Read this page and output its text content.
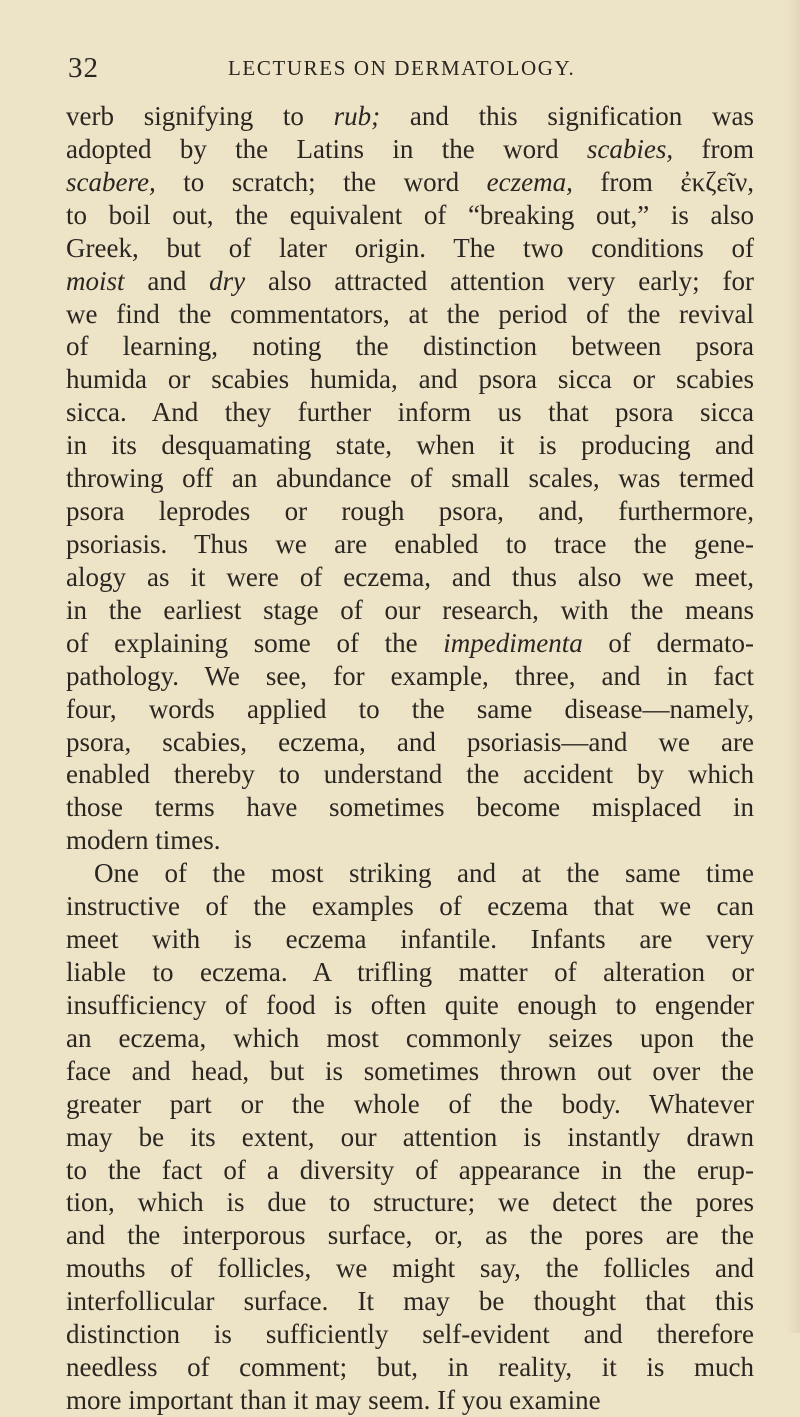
32	LECTURES ON DERMATOLOGY.
verb signifying to rub; and this signification was
adopted by the Latins in the word scabies, from
scabere, to scratch; the word eczema, from ἐκζεῖν,
to boil out, the equivalent of “breaking out,” is also
Greek, but of later origin. The two conditions of
moist and dry also attracted attention very early; for
we find the commentators, at the period of the revival
of learning, noting the distinction between psora
humida or scabies humida, and psora sicca or scabies
sicca. And they further inform us that psora sicca
in its desquamating state, when it is producing and
throwing off an abundance of small scales, was termed
psora leprodes or rough psora, and, furthermore,
psoriasis. Thus we are enabled to trace the gene-
alogy as it were of eczema, and thus also we meet,
in the earliest stage of our research, with the means
of explaining some of the impedimenta of dermato-
pathology. We see, for example, three, and in fact
four, words applied to the same disease—namely,
psora, scabies, eczema, and psoriasis—and we are
enabled thereby to understand the accident by which
those terms have sometimes become misplaced in
modern times.
One of the most striking and at the same time
instructive of the examples of eczema that we can
meet with is eczema infantile. Infants are very
liable to eczema. A trifling matter of alteration or
insufficiency of food is often quite enough to engender
an eczema, which most commonly seizes upon the
face and head, but is sometimes thrown out over the
greater part or the whole of the body. Whatever
may be its extent, our attention is instantly drawn
to the fact of a diversity of appearance in the erup-
tion, which is due to structure; we detect the pores
and the interporous surface, or, as the pores are the
mouths of follicles, we might say, the follicles and
interfollicular surface. It may be thought that this
distinction is sufficiently self-evident and therefore
needless of comment; but, in reality, it is much
more important than it may seem. If you examine
